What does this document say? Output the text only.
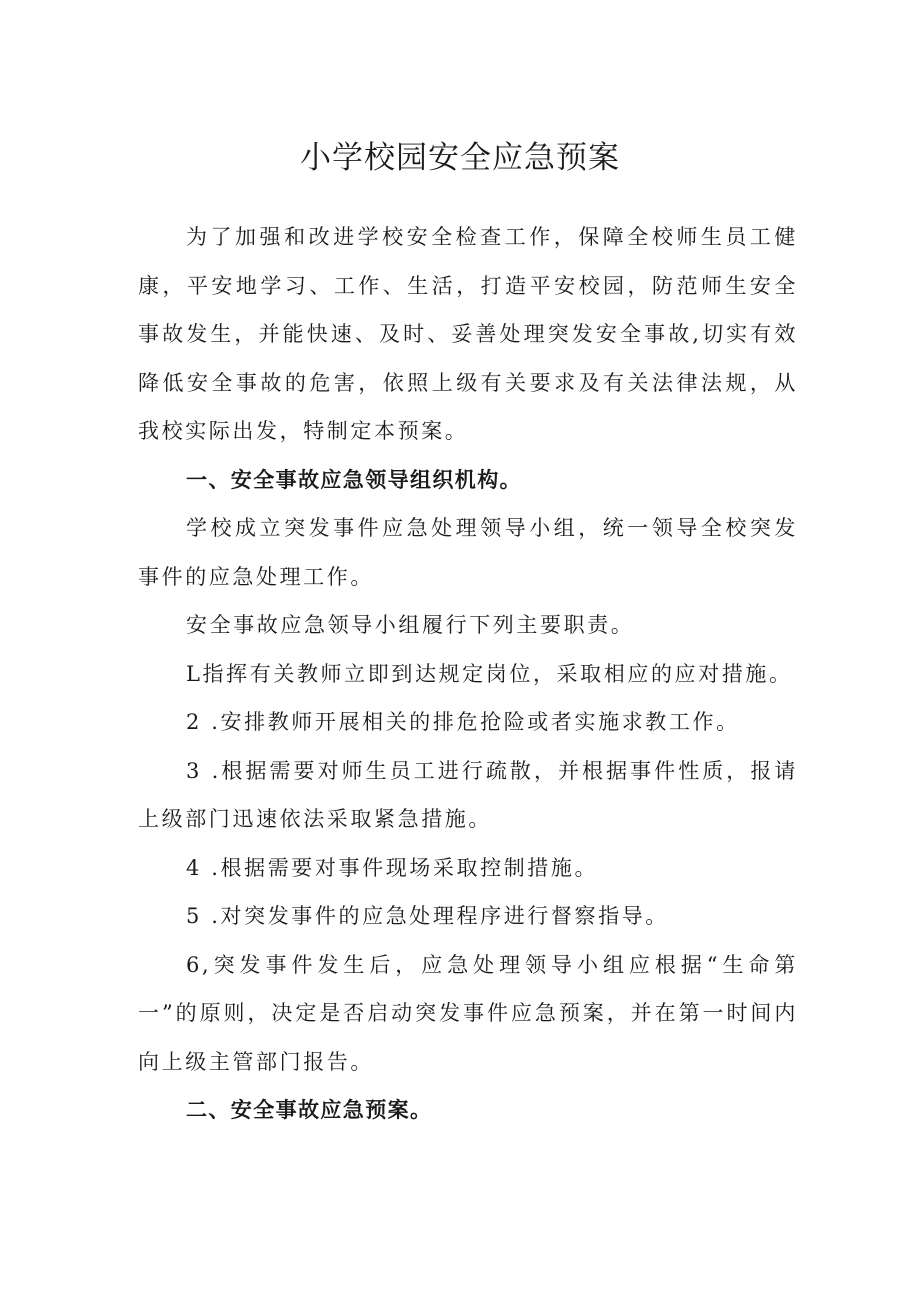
小学校园安全应急预案

为了加强和改进学校安全检查工作，保障全校师生员工健康，平安地学习、工作、生活，打造平安校园，防范师生安全事故发生，并能快速、及时、妥善处理突发安全事故,切实有效降低安全事故的危害，依照上级有关要求及有关法律法规，从我校实际出发，特制定本预案。

一、安全事故应急领导组织机构。

学校成立突发事件应急处理领导小组，统一领导全校突发事件的应急处理工作。

安全事故应急领导小组履行下列主要职责。

L指挥有关教师立即到达规定岗位，采取相应的应对措施。

2 .安排教师开展相关的排危抢险或者实施求教工作。

3 .根据需要对师生员工进行疏散，并根据事件性质，报请上级部门迅速依法采取紧急措施。

4 .根据需要对事件现场采取控制措施。

5 .对突发事件的应急处理程序进行督察指导。

6,突发事件发生后，应急处理领导小组应根据“生命第一”的原则，决定是否启动突发事件应急预案，并在第一时间内向上级主管部门报告。

二、安全事故应急预案。
